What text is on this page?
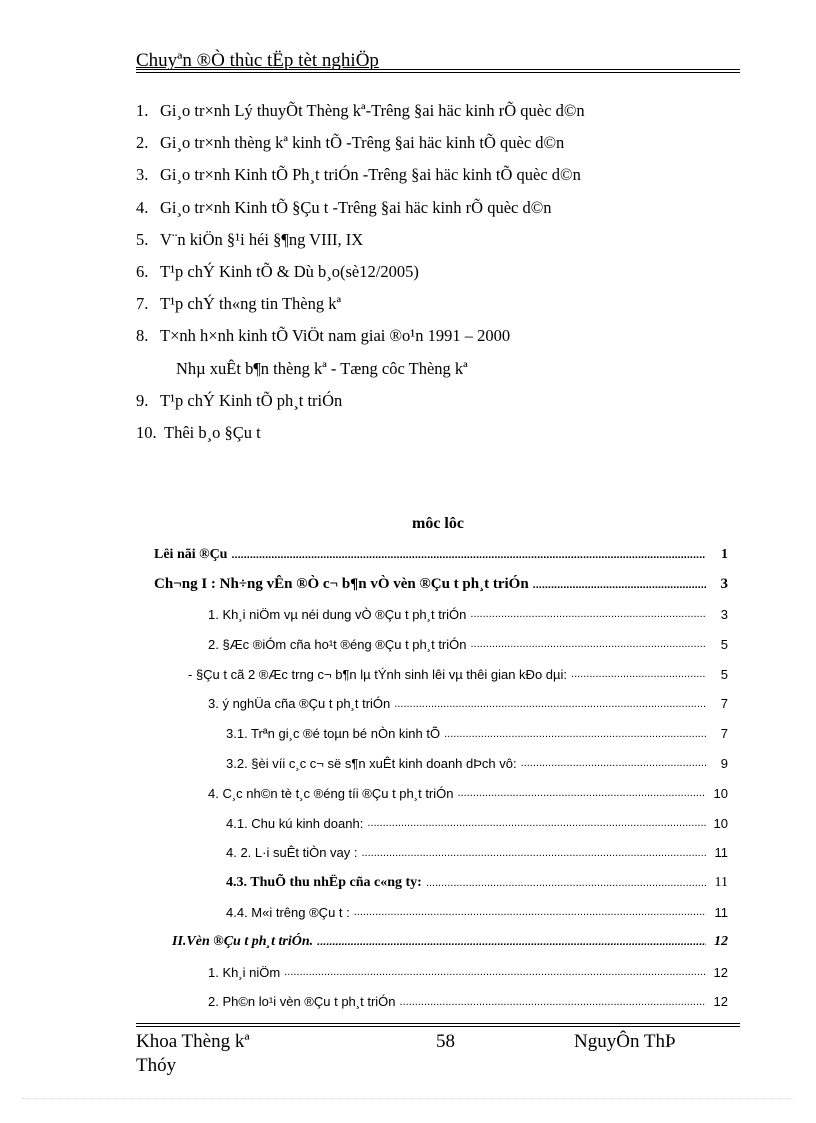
Chuyªn ®Ò thùc tËp tèt nghiÖp
1. Gi¸o tr×nh Lý thuyÕt Thèng kª-Trêng §ai häc kinh rÕ quèc d©n
2. Gi¸o tr×nh thèng kª kinh tÕ -Trêng §ai häc kinh tÕ quèc d©n
3. Gi¸o tr×nh Kinh tÕ Ph¸t triÓn -Trêng §ai häc kinh tÕ quèc d©n
4. Gi¸o tr×nh Kinh tÕ §Çu t -Trêng §ai häc kinh rÕ quèc d©n
5. V¨n kiÖn §¹i héi §¶ng VIII, IX
6. T¹p chÝ Kinh tÕ & Dù b¸o(sè12/2005)
7. T¹p chÝ th«ng tin Thèng kª
8. T×nh h×nh kinh tÕ ViÖt nam giai ®o¹n 1991 – 2000
Nhµ xuÊt b¶n thèng kª - Tæng côc Thèng kª
9. T¹p chÝ Kinh tÕ ph¸t triÓn
10. Thêi b¸o §Çu t
môc lôc
Lêi nãi ®Çu .....	1
Ch¬ng I : Nh÷ng vÊn ®Ò c¬ b¶n vÒ vèn ®Çu t ph¸t triÓn .....	3
1. Kh¸i niÖm vµ néi dung vÒ ®Çu t ph¸t triÓn .....	3
2. §Æc ®iÓm cña ho¹t ®éng ®Çu t ph¸t triÓn .....	5
- §Çu t cã 2 ®Æc trng c¬ b¶n lµ tÝnh sinh lêi vµ thêi gian kÐo dµi: .....	5
3. ý nghÜa cña ®Çu t ph¸t triÓn .....	7
3.1. Trªn gi¸c ®é toµn bé nÒn kinh tÕ .....	7
3.2. §èi víi c¸c c¬ së s¶n xuÊt kinh doanh dÞch vô: .....	9
4. C¸c nh©n tè t¸c ®éng tíi ®Çu t ph¸t triÓn .....	10
4.1. Chu kú kinh doanh: .....	10
4. 2. L·i suÊt tiÒn vay : .....	11
4.3. ThuÕ thu nhËp cña c«ng ty: .....	11
4.4. M«i trêng ®Çu t : .....	11
II.Vèn ®Çu t ph¸t triÓn. .....	12
1. Kh¸i niÖm .....	12
2. Ph©n lo¹i vèn ®Çu t ph¸t triÓn .....	12
Khoa Thèng kª Thóy
58	NguyÔn ThÞ
